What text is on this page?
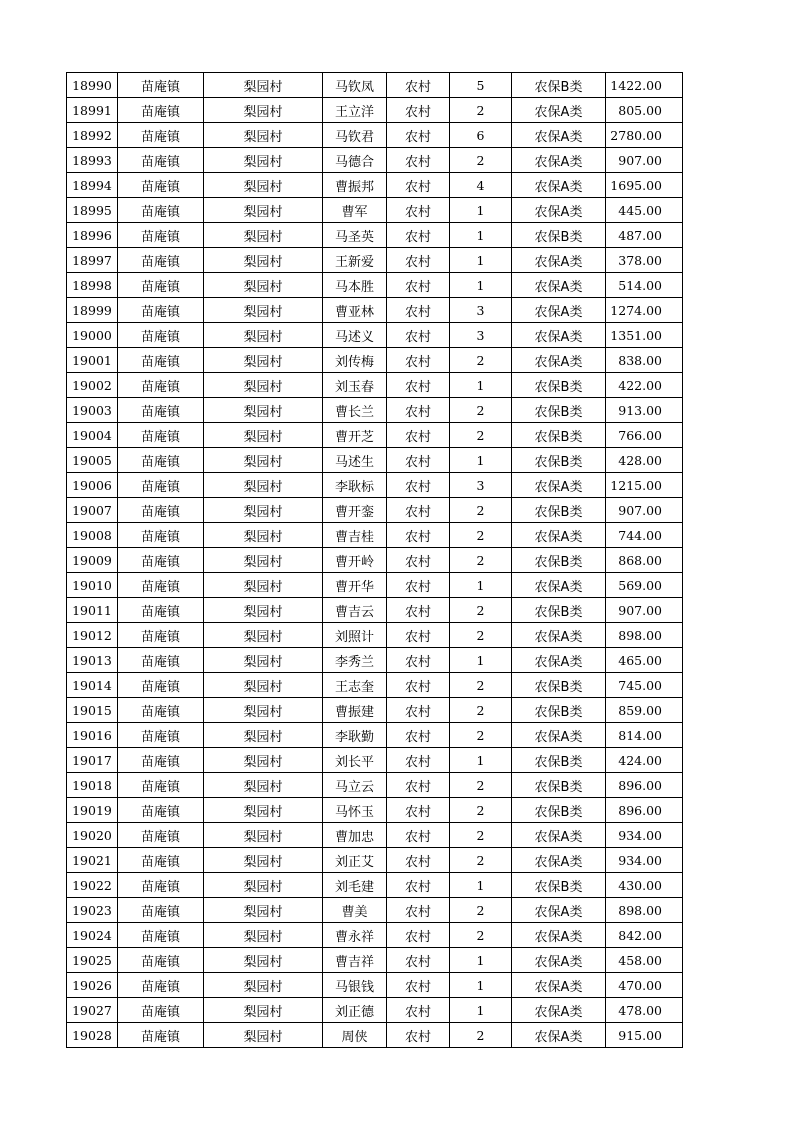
18990	苗庵镇	梨园村	马钦凤	农村	5	农保B类	1422.00
18991	苗庵镇	梨园村	王立洋	农村	2	农保A类	805.00
18992	苗庵镇	梨园村	马钦君	农村	6	农保A类	2780.00
18993	苗庵镇	梨园村	马德合	农村	2	农保A类	907.00
18994	苗庵镇	梨园村	曹振邦	农村	4	农保A类	1695.00
18995	苗庵镇	梨园村	曹军	农村	1	农保A类	445.00
18996	苗庵镇	梨园村	马圣英	农村	1	农保B类	487.00
18997	苗庵镇	梨园村	王新爱	农村	1	农保A类	378.00
18998	苗庵镇	梨园村	马本胜	农村	1	农保A类	514.00
18999	苗庵镇	梨园村	曹亚林	农村	3	农保A类	1274.00
19000	苗庵镇	梨园村	马述义	农村	3	农保A类	1351.00
19001	苗庵镇	梨园村	刘传梅	农村	2	农保A类	838.00
19002	苗庵镇	梨园村	刘玉春	农村	1	农保B类	422.00
19003	苗庵镇	梨园村	曹长兰	农村	2	农保B类	913.00
19004	苗庵镇	梨园村	曹开芝	农村	2	农保B类	766.00
19005	苗庵镇	梨园村	马述生	农村	1	农保B类	428.00
19006	苗庵镇	梨园村	李耿标	农村	3	农保A类	1215.00
19007	苗庵镇	梨园村	曹开銮	农村	2	农保B类	907.00
19008	苗庵镇	梨园村	曹吉桂	农村	2	农保A类	744.00
19009	苗庵镇	梨园村	曹开岭	农村	2	农保B类	868.00
19010	苗庵镇	梨园村	曹开华	农村	1	农保A类	569.00
19011	苗庵镇	梨园村	曹吉云	农村	2	农保B类	907.00
19012	苗庵镇	梨园村	刘照计	农村	2	农保A类	898.00
19013	苗庵镇	梨园村	李秀兰	农村	1	农保A类	465.00
19014	苗庵镇	梨园村	王志奎	农村	2	农保B类	745.00
19015	苗庵镇	梨园村	曹振建	农村	2	农保B类	859.00
19016	苗庵镇	梨园村	李耿勤	农村	2	农保A类	814.00
19017	苗庵镇	梨园村	刘长平	农村	1	农保B类	424.00
19018	苗庵镇	梨园村	马立云	农村	2	农保B类	896.00
19019	苗庵镇	梨园村	马怀玉	农村	2	农保B类	896.00
19020	苗庵镇	梨园村	曹加忠	农村	2	农保A类	934.00
19021	苗庵镇	梨园村	刘正艾	农村	2	农保A类	934.00
19022	苗庵镇	梨园村	刘毛建	农村	1	农保B类	430.00
19023	苗庵镇	梨园村	曹美	农村	2	农保A类	898.00
19024	苗庵镇	梨园村	曹永祥	农村	2	农保A类	842.00
19025	苗庵镇	梨园村	曹吉祥	农村	1	农保A类	458.00
19026	苗庵镇	梨园村	马银钱	农村	1	农保A类	470.00
19027	苗庵镇	梨园村	刘正德	农村	1	农保A类	478.00
19028	苗庵镇	梨园村	周侠	农村	2	农保A类	915.00
